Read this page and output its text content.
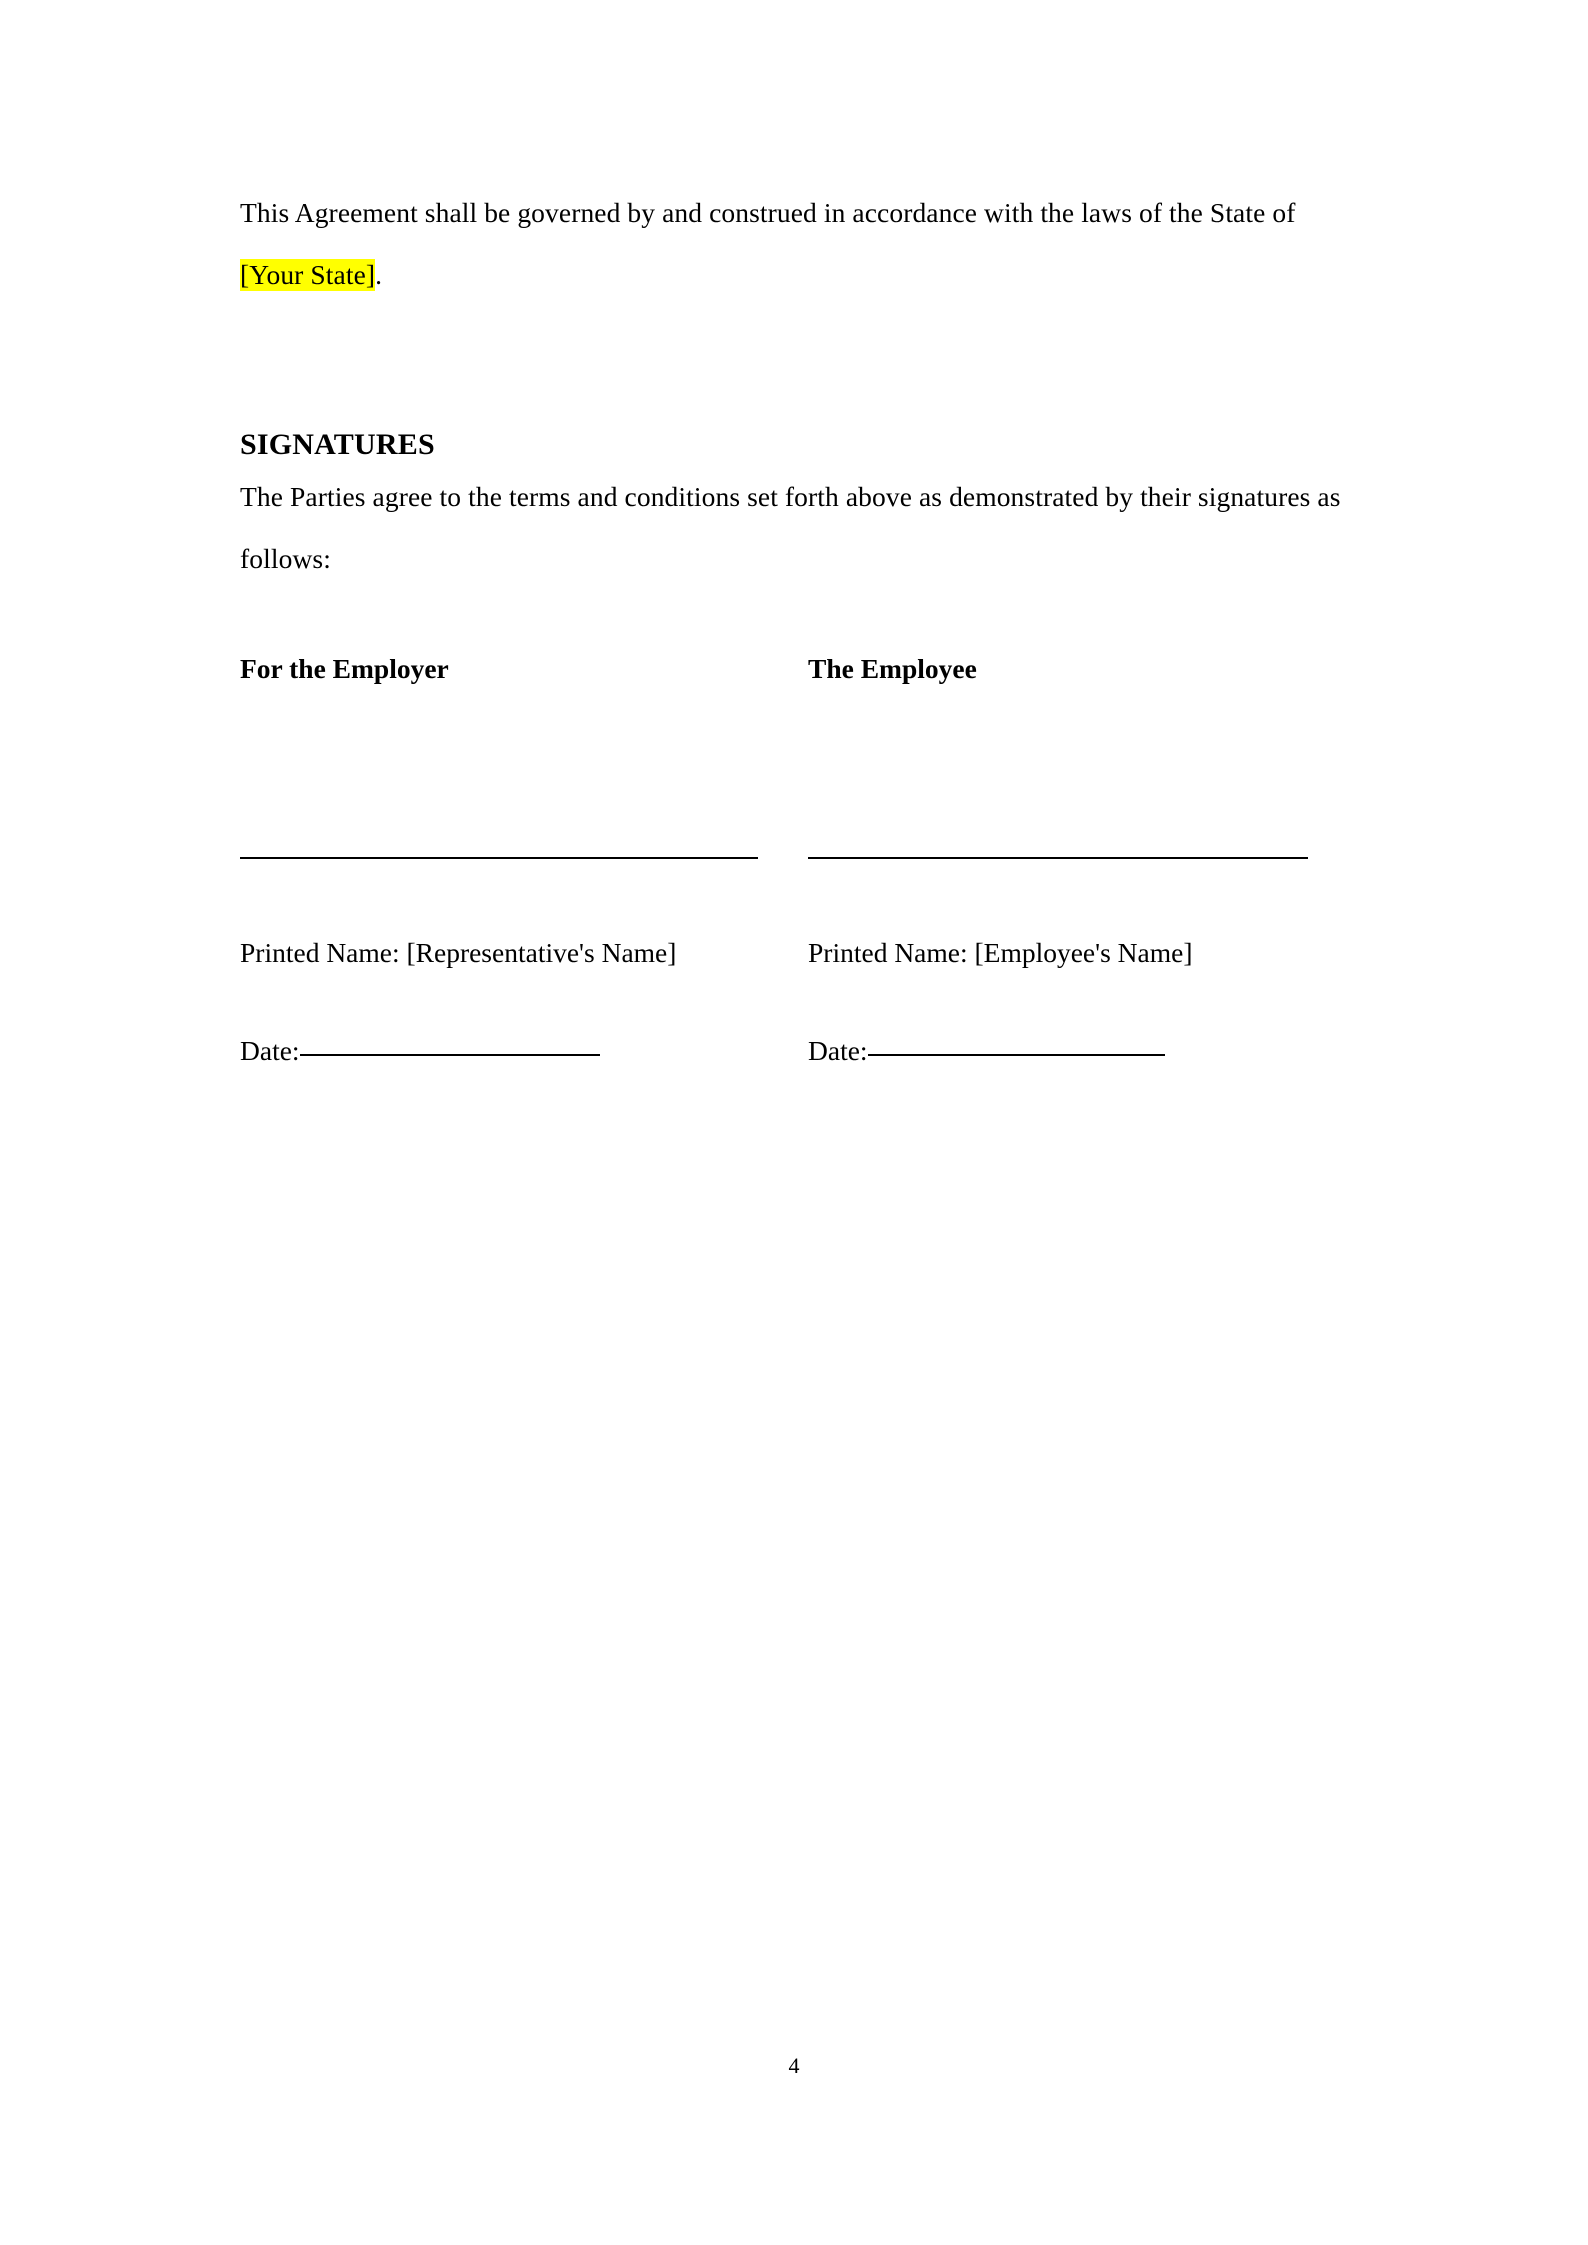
This Agreement shall be governed by and construed in accordance with the laws of the State of [Your State].

SIGNATURES

The Parties agree to the terms and conditions set forth above as demonstrated by their signatures as follows:

For the Employer

Printed Name: [Representative's Name]

Date:

The Employee

Printed Name: [Employee's Name]

Date:
4
